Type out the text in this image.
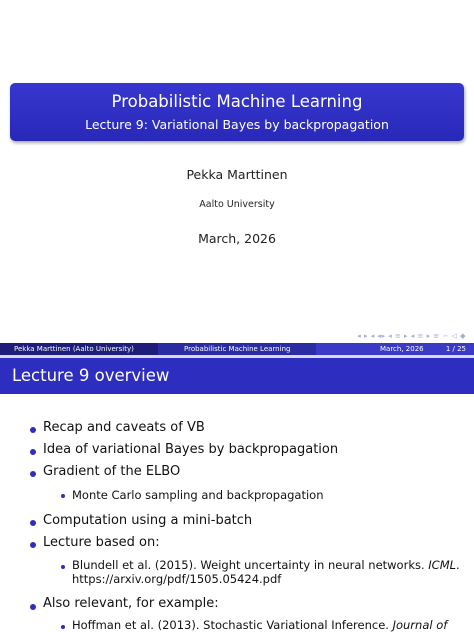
Probabilistic Machine Learning
Lecture 9: Variational Bayes by backpropagation
Pekka Marttinen
Aalto University
March, 2026
◂ ▸ ◂ ◂▸ ◂ ≡ ▸ ◂ ≡ ▸ ≡ ∽ ◁ ◆
Pekka Marttinen (Aalto University)	Probabilistic Machine Learning	March, 2026	1 / 25
Lecture 9 overview
Recap and caveats of VB
Idea of variational Bayes by backpropagation
Gradient of the ELBO
Monte Carlo sampling and backpropagation
Computation using a mini-batch
Lecture based on:
Blundell et al. (2015). Weight uncertainty in neural networks. ICML.
https://arxiv.org/pdf/1505.05424.pdf
Also relevant, for example:
Hoffman et al. (2013). Stochastic Variational Inference. Journal of
